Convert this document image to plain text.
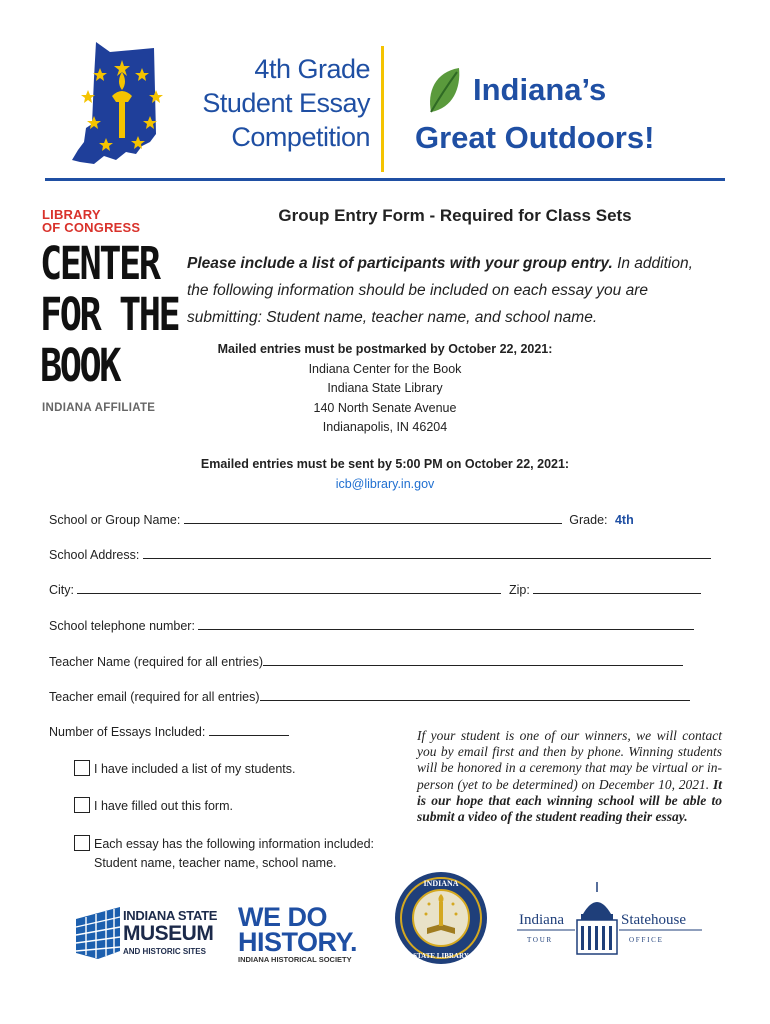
4th Grade
Student Essay
Competition
Indiana’s
Great Outdoors!
LIBRARY
OF CONGRESS
CENTER
FOR THE
BOOK
INDIANA AFFILIATE
Group Entry Form - Required for Class Sets
Please include a list of participants with your group entry. In addition, the following information should be included on each essay you are submitting: Student name, teacher name, and school name.
Mailed entries must be postmarked by October 22, 2021:
Indiana Center for the Book
Indiana State Library
140 North Senate Avenue
Indianapolis, IN 46204
Emailed entries must be sent by 5:00 PM on October 22, 2021:
icb@library.in.gov
School or Group Name:	Grade: 4th
School Address:
City:	Zip:
School telephone number:
Teacher Name (required for all entries)
Teacher email (required for all entries)
Number of Essays Included:
I have included a list of my students.
I have filled out this form.
Each essay has the following information included:
Student name, teacher name, school name.
If your student is one of our winners, we will contact you by email first and then by phone. Winning students will be honored in a ceremony that may be virtual or in-person (yet to be determined) on December 10, 2021. It is our hope that each winning school will be able to submit a video of the student reading their essay.
INDIANA STATE
MUSEUM
AND HISTORIC SITES
WE DO
HISTORY.
INDIANA HISTORICAL SOCIETY
INDIANA
STATE LIBRARY
Indiana	Statehouse
T O U R	O F F I C E
